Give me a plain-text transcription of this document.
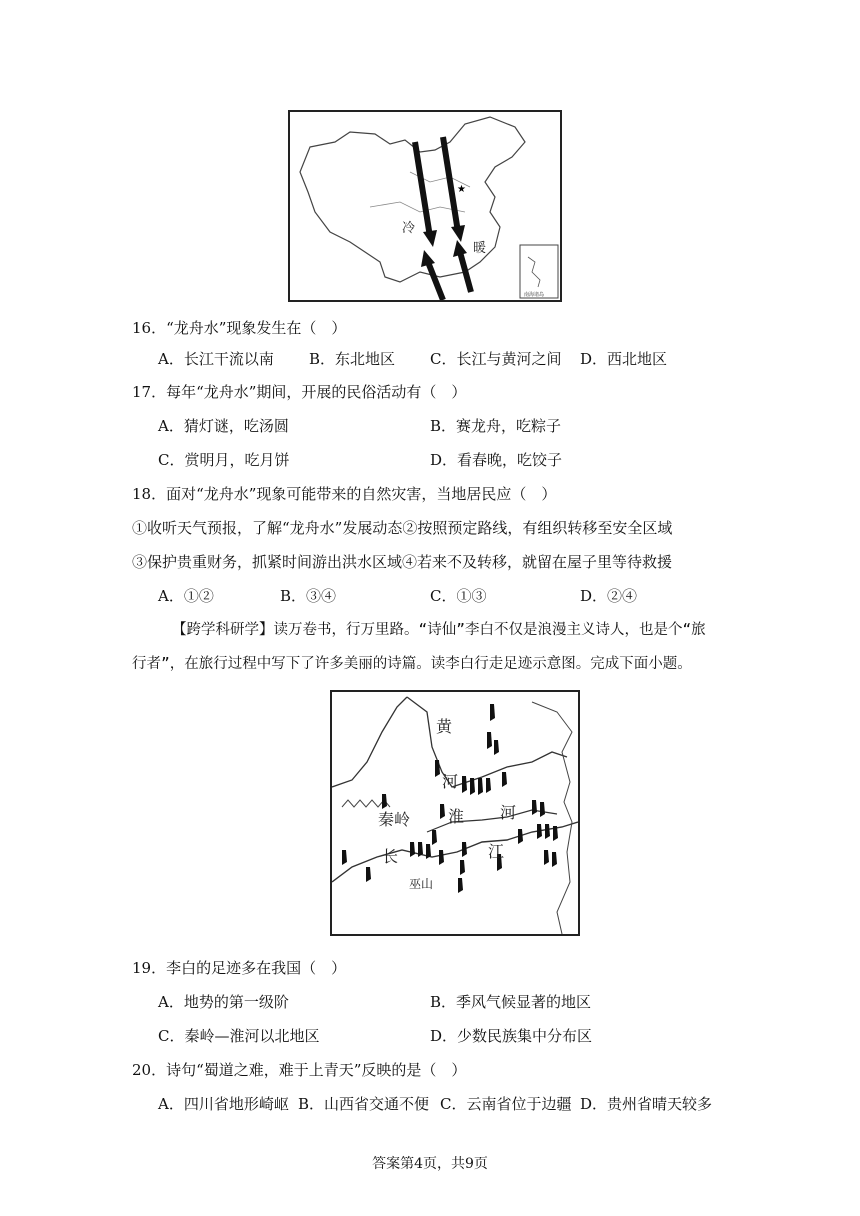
★
冷
暖
南海诸岛
16．“龙舟水”现象发生在（　）
A．长江干流以南 B．东北地区 C．长江与黄河之间 D．西北地区
17．每年“龙舟水”期间，开展的民俗活动有（　）
A．猜灯谜，吃汤圆	B．赛龙舟，吃粽子
C．赏明月，吃月饼	D．看春晚，吃饺子
18．面对“龙舟水”现象可能带来的自然灾害，当地居民应（　）
①收听天气预报，了解“龙舟水”发展动态②按照预定路线，有组织转移至安全区域
③保护贵重财务，抓紧时间游出洪水区域④若来不及转移，就留在屋子里等待救援
A．①②	B．③④	C．①③	D．②④
【跨学科研学】读万卷书，行万里路。“诗仙”李白不仅是浪漫主义诗人，也是个“旅
行者”，在旅行过程中写下了许多美丽的诗篇。读李白行走足迹示意图。完成下面小题。
黄
河
秦岭 淮 河
长	江
巫山
19．李白的足迹多在我国（　）
A．地势的第一级阶	B．季风气候显著的地区
C．秦岭—淮河以北地区	D．少数民族集中分布区
20．诗句“蜀道之难，难于上青天”反映的是（　）
A．四川省地形崎岖 B．山西省交通不便 C．云南省位于边疆 D．贵州省晴天较多
答案第4页，共9页
